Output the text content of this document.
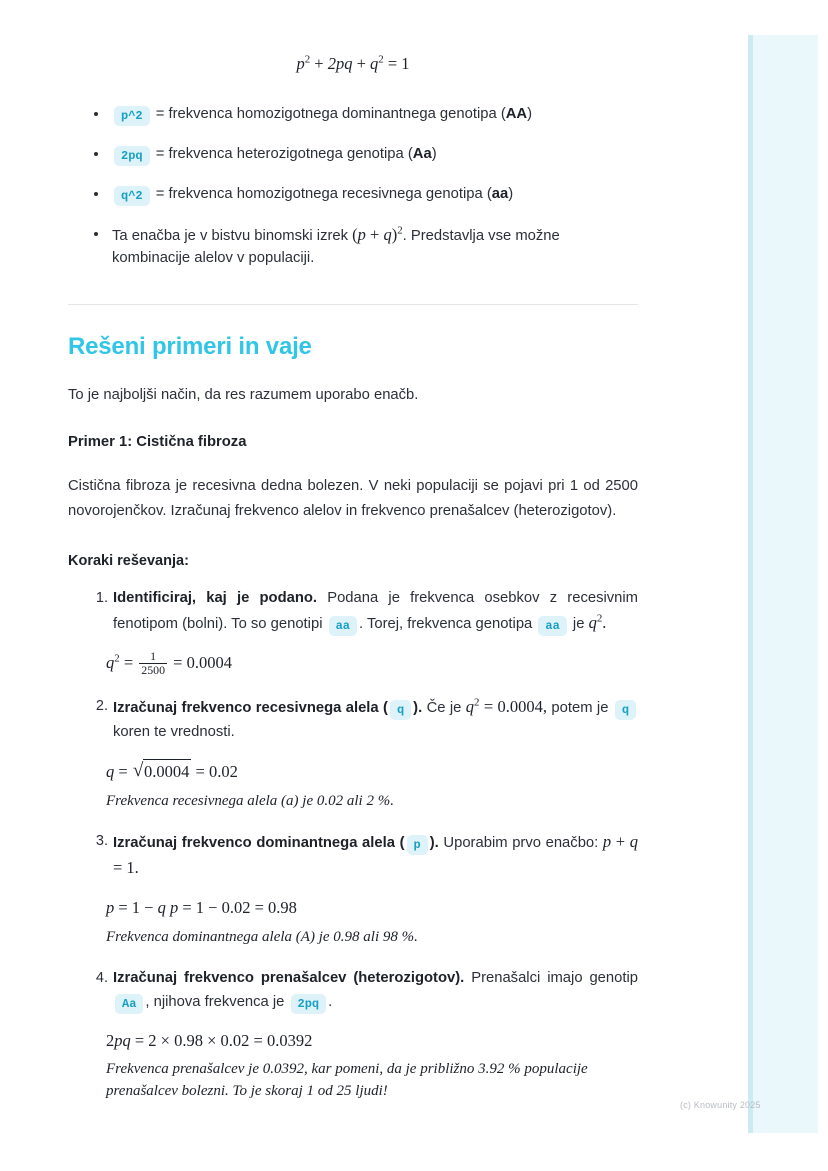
$p^2 + 2pq + q^2 = 1$
p^2 = frekvenca homozigotnega dominantnega genotipa (AA)
2pq = frekvenca heterozigotnega genotipa (Aa)
q^2 = frekvenca homozigotnega recesivnega genotipa (aa)
Ta enačba je v bistvu binomski izrek $(p + q)^2$. Predstavlja vse možne kombinacije alelov v populaciji.
Rešeni primeri in vaje

To je najboljši način, da res razumem uporabo enačb.

Primer 1: Cistična fibroza

Cistična fibroza je recesivna dedna bolezen. V neki populaciji se pojavi pri 1 od 2500 novorojenčkov. Izračunaj frekvenco alelov in frekvenco prenašalcev (heterozigotov).

Koraki reševanja:
Identificiraj, kaj je podano. Podana je frekvenca osebkov z recesivnim fenotipom (bolni). To so genotipi aa . Torej, frekvenca genotipa aa je $q^2$.
$q^2 = \frac{1}{2500} = 0.0004$
Izračunaj frekvenco recesivnega alela ( q ). Če je $q^2 = 0.0004$, potem je q koren te vrednosti.
q = √ 0.0004 = 0.02
Frekvenca recesivnega alela (a) je 0.02 ali 2 %.
Izračunaj frekvenco dominantnega alela ( p ). Uporabim prvo enačbo: p + q = 1.
p = 1 − q p = 1 − 0.02 = 0.98
Frekvenca dominantnega alela (A) je 0.98 ali 98 %.
Izračunaj frekvenco prenašalcev (heterozigotov). Prenašalci imajo genotip Aa , njihova frekvenca je 2pq .
2pq = 2 × 0.98 × 0.02 = 0.0392
Frekvenca prenašalcev je 0.0392, kar pomeni, da je približno 3.92 % populacije prenašalcev bolezni. To je skoraj 1 od 25 ljudi!
(c) Knowunity 2025
